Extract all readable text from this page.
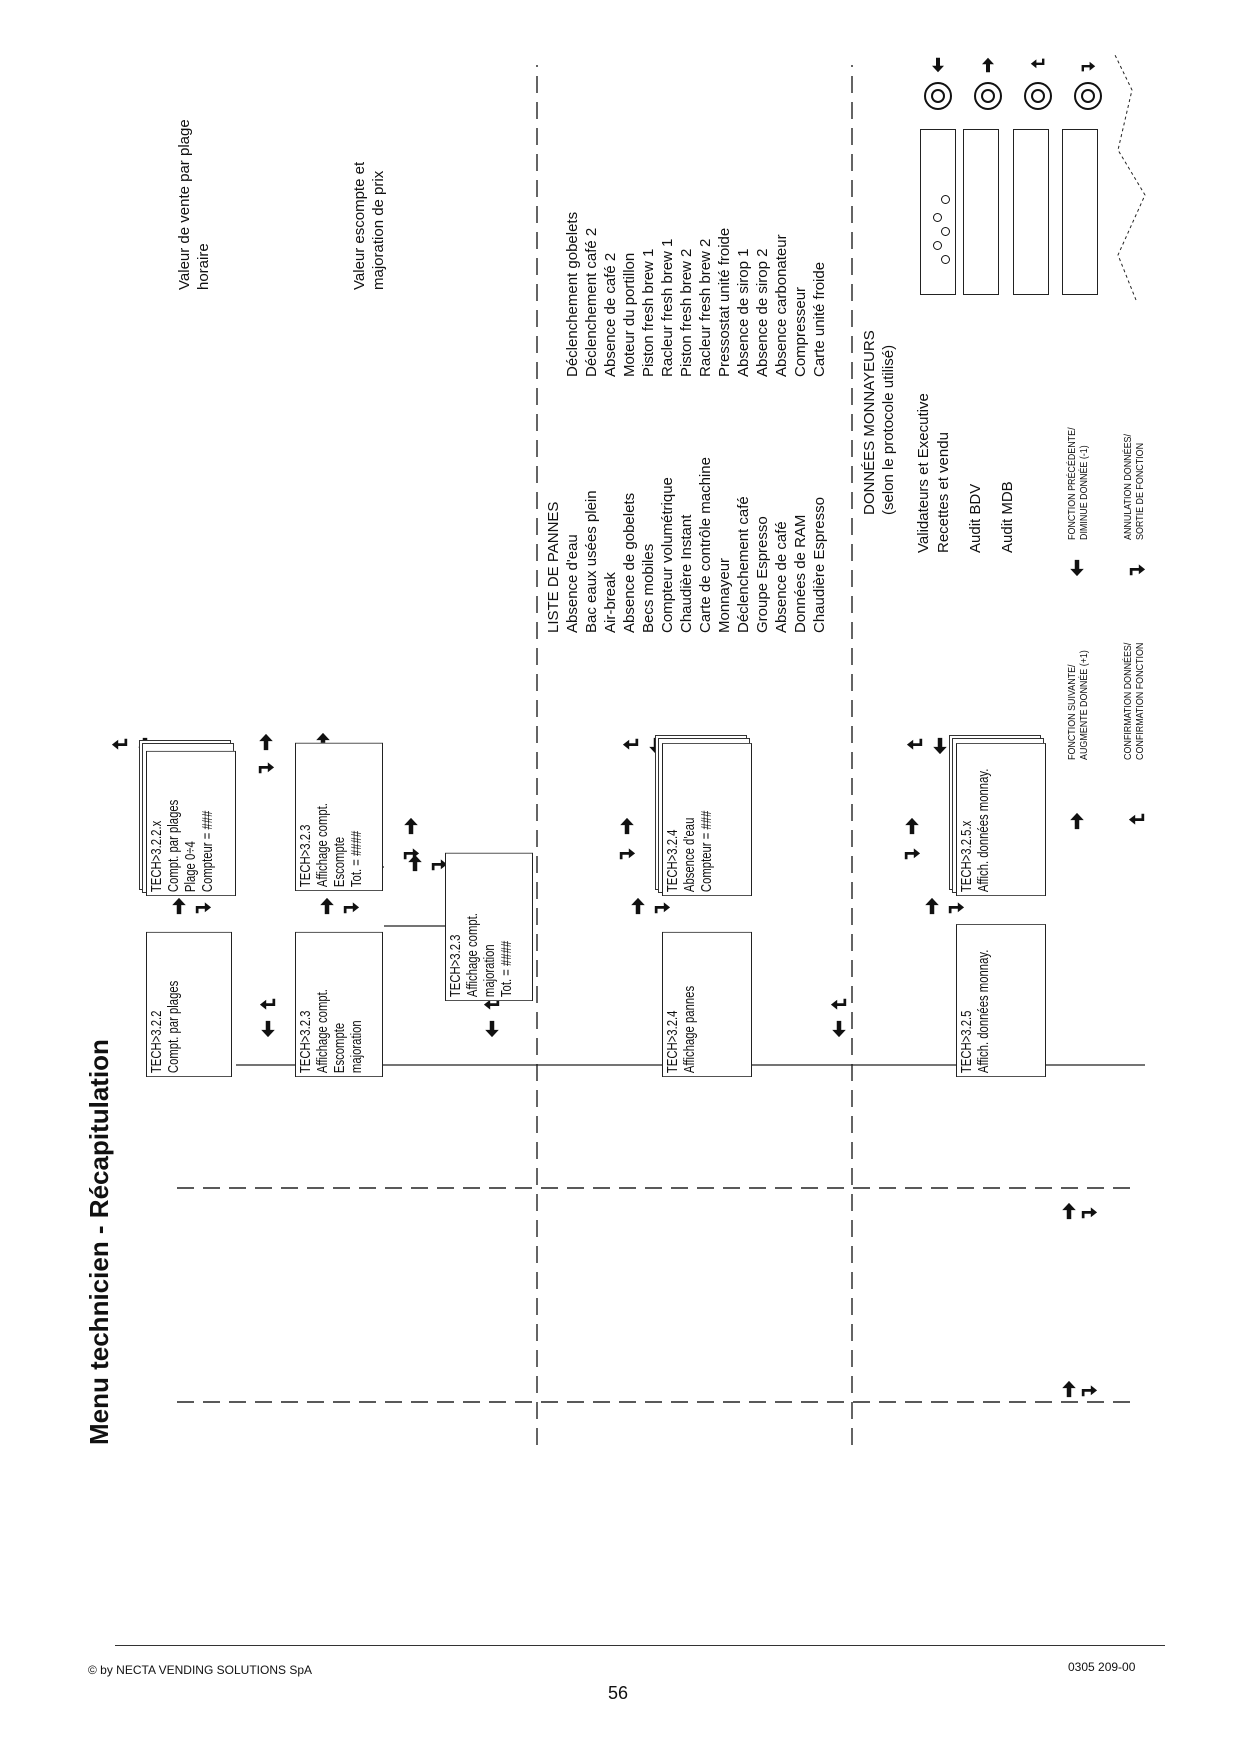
Menu technicien - Récapitulation TECH>3.2.2 Compt. par plages
TECH>3.2.2.x Compt. par plages Plage 0÷4 Compteur = ###
TECH>3.2.3 Affichage compt. Escompte majoration
TECH>3.2.3 Affichage compt. Escompte Tot. = ####
TECH>3.2.3 Affichage compt. majoration Tot. = ####
TECH>3.2.4 Affichage pannes
TECH>3.2.4 Absence d'eau Compteur = ###
TECH>3.2.5 Affich. données monnay.
TECH>3.2.5.x Affich. données monnay.
Valeur de vente par plage horaire	Valeur escompte et majoration de prix
LISTE DE PANNES Absence d'eau Bac eaux usées plein Air-break Absence de gobelets Becs mobiles Compteur volumétrique Chaudière Instant Carte de contrôle machine Monnayeur Déclenchement café Groupe Espresso Absence de café Données de RAM Chaudière Espresso
Déclenchement gobelets Déclenchement café 2 Absence de café 2 Moteur du portillon Piston fresh brew 1 Racleur fresh brew 1 Piston fresh brew 2 Racleur fresh brew 2 Pressostat unité froide Absence de sirop 1 Absence de sirop 2 Absence carbonateur Compresseur Carte unité froide
DONNÉES MONNAYEURS (selon le protocole utilisé) Validateurs et Executive Recettes et vendu Audit BDV Audit MDB
FONCTION SUIVANTE/ AUGMENTE DONNÉE (+1)
FONCTION PRÉCÉDENTE/ DIMINUE DONNÉE (-1)
CONFIRMATION DONNÉES/ CONFIRMATION FONCTION
ANNULATION DONNÉES/ SORTIE DE FONCTION
© by NECTA VENDING SOLUTIONS SpA
56
0305 209-00
